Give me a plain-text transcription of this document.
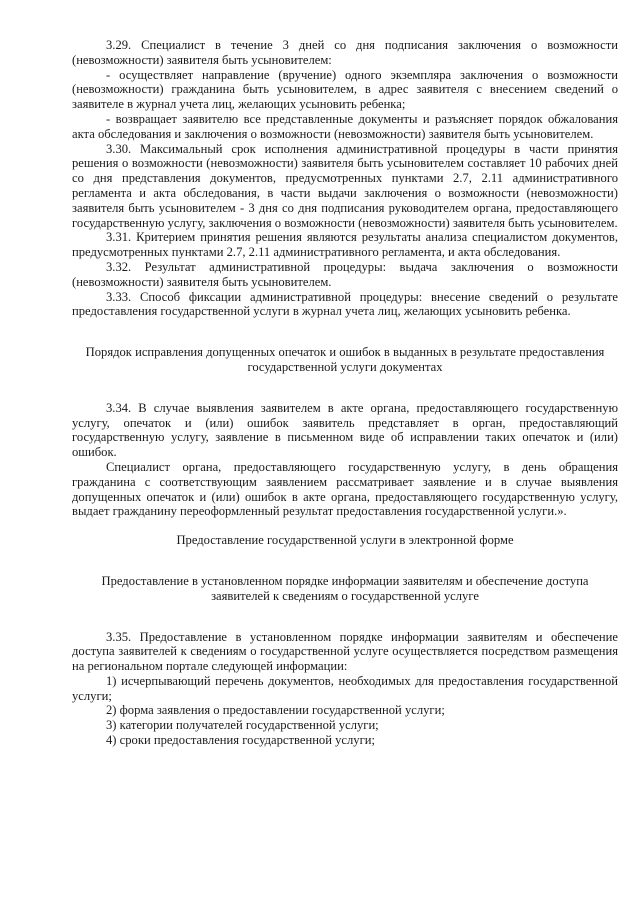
3.29. Специалист в течение 3 дней со дня подписания заключения о возможности (невозможности) заявителя быть усыновителем:

- осуществляет направление (вручение) одного экземпляра заключения о возможности (невозможности) гражданина быть усыновителем, в адрес заявителя с внесением сведений о заявителе в журнал учета лиц, желающих усыновить ребенка;

- возвращает заявителю все представленные документы и разъясняет порядок обжалования акта обследования и заключения о возможности (невозможности) заявителя быть усыновителем.

3.30. Максимальный срок исполнения административной процедуры в части принятия решения о возможности (невозможности) заявителя быть усыновителем составляет 10 рабочих дней со дня представления документов, предусмотренных пунктами 2.7, 2.11 административного регламента и акта обследования, в части выдачи заключения о возможности (невозможности) заявителя быть усыновителем - 3 дня со дня подписания руководителем органа, предоставляющего государственную услугу, заключения о возможности (невозможности) заявителя быть усыновителем.

3.31. Критерием принятия решения являются результаты анализа специалистом документов, предусмотренных пунктами 2.7, 2.11 административного регламента, и акта обследования.

3.32. Результат административной процедуры: выдача заключения о возможности (невозможности) заявителя быть усыновителем.

3.33. Способ фиксации административной процедуры: внесение сведений о результате предоставления государственной услуги в журнал учета лиц, желающих усыновить ребенка.

Порядок исправления допущенных опечаток и ошибок в выданных в результате предоставления государственной услуги документах

3.34. В случае выявления заявителем в акте органа, предоставляющего государственную услугу, опечаток и (или) ошибок заявитель представляет в орган, предоставляющий государственную услугу, заявление в письменном виде об исправлении таких опечаток и (или) ошибок.

Специалист органа, предоставляющего государственную услугу, в день обращения гражданина с соответствующим заявлением рассматривает заявление и в случае выявления допущенных опечаток и (или) ошибок в акте органа, предоставляющего государственную услугу, выдает гражданину переоформленный результат предоставления государственной услуги.».

Предоставление государственной услуги в электронной форме

Предоставление в установленном порядке информации заявителям и обеспечение доступа заявителей к сведениям о государственной услуге

3.35. Предоставление в установленном порядке информации заявителям и обеспечение доступа заявителей к сведениям о государственной услуге осуществляется посредством размещения на региональном портале следующей информации:

1) исчерпывающий перечень документов, необходимых для предоставления государственной услуги;

2) форма заявления о предоставлении государственной услуги;

3) категории получателей государственной услуги;

4) сроки предоставления государственной услуги;
